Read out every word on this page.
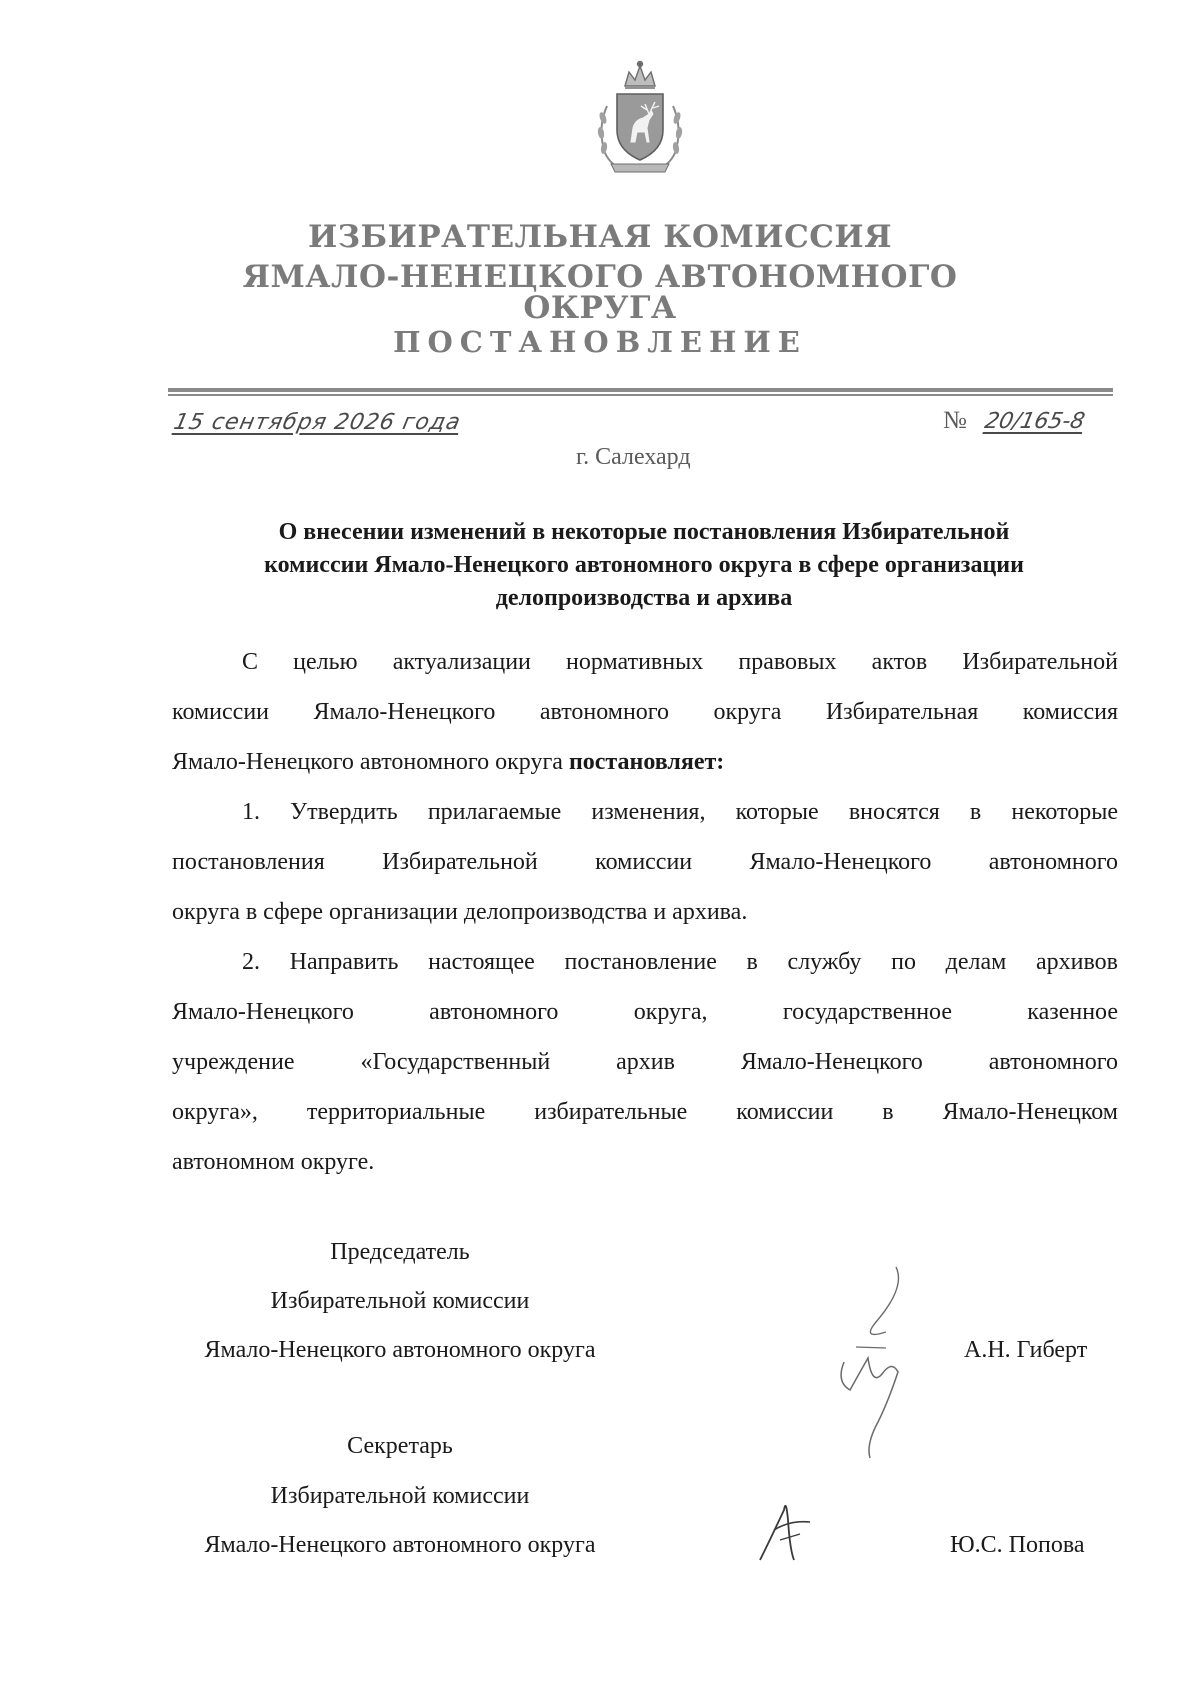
ИЗБИРАТЕЛЬНАЯ КОМИССИЯ
ЯМАЛО-НЕНЕЦКОГО АВТОНОМНОГО ОКРУГА
ПОСТАНОВЛЕНИЕ
15 сентября 2026 года	№ 20/165-8
г. Салехард
О внесении изменений в некоторые постановления Избирательной
комиссии Ямало-Ненецкого автономного округа в сфере организации
делопроизводства и архива
С целью актуализации нормативных правовых актов Избирательной
комиссии Ямало-Ненецкого автономного округа Избирательная комиссия
Ямало-Ненецкого автономного округа постановляет:
1. Утвердить прилагаемые изменения, которые вносятся в некоторые
постановления Избирательной комиссии Ямало-Ненецкого автономного
округа в сфере организации делопроизводства и архива.
2. Направить настоящее постановление в службу по делам архивов
Ямало-Ненецкого автономного округа, государственное казенное
учреждение «Государственный архив Ямало-Ненецкого автономного
округа», территориальные избирательные комиссии в Ямало-Ненецком
автономном округе.
Председатель
Избирательной комиссии
Ямало-Ненецкого автономного округа	А.Н. Гиберт
Секретарь
Избирательной комиссии
Ямало-Ненецкого автономного округа	Ю.С. Попова
